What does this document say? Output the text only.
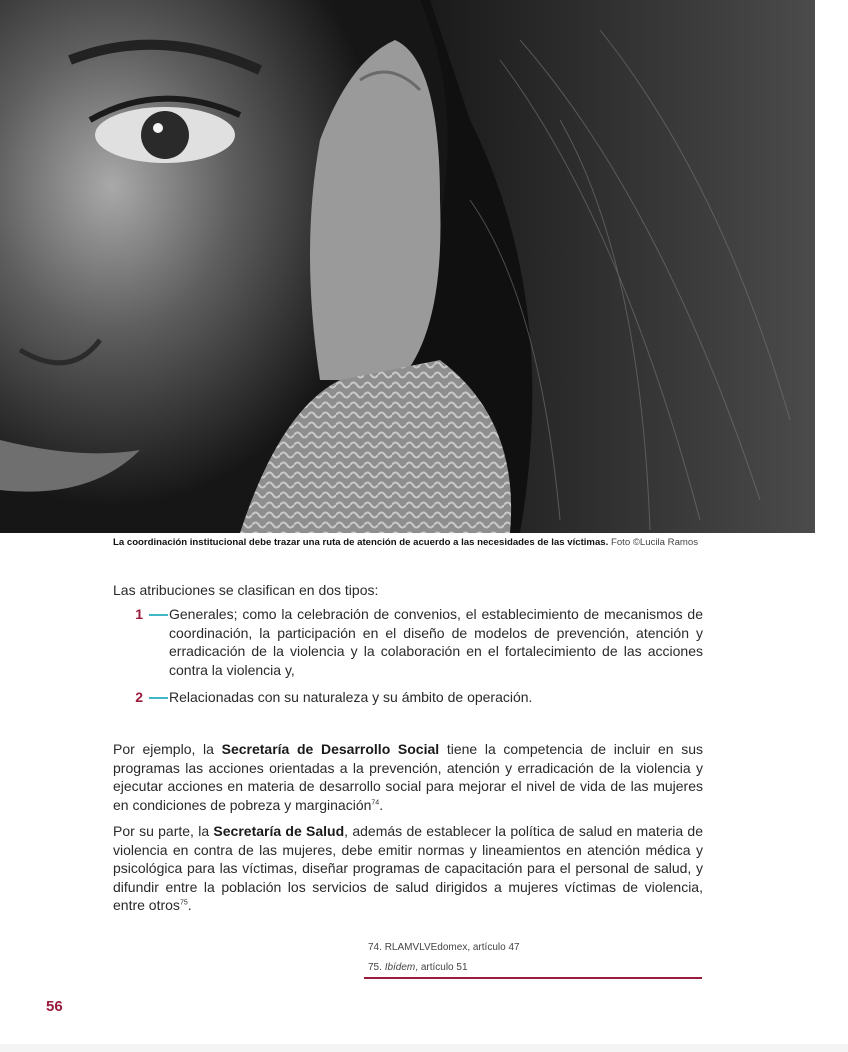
La coordinación institucional debe trazar una ruta de atención de acuerdo a las necesidades de las víctimas. Foto ©Lucila Ramos
Las atribuciones se clasifican en dos tipos:
1 Generales; como la celebración de convenios, el establecimiento de mecanismos de coordinación, la participación en el diseño de modelos de prevención, atención y erradicación de la violencia y la colaboración en el fortalecimiento de las acciones contra la violencia y,
2 Relacionadas con su naturaleza y su ámbito de operación.

Por ejemplo, la Secretaría de Desarrollo Social tiene la competencia de incluir en sus programas las acciones orientadas a la prevención, atención y erradicación de la violencia y ejecutar acciones en materia de desarrollo social para mejorar el nivel de vida de las mujeres en condiciones de pobreza y marginación$^{74}$.

Por su parte, la Secretaría de Salud, además de establecer la política de salud en materia de violencia en contra de las mujeres, debe emitir normas y lineamientos en atención médica y psicológica para las víctimas, diseñar programas de capacitación para el personal de salud, y difundir entre la población los servicios de salud dirigidos a mujeres víctimas de violencia, entre otros$^{75}$.

74. RLAMVLVEdomex, artículo 47
75. Ibídem, artículo 51
56
